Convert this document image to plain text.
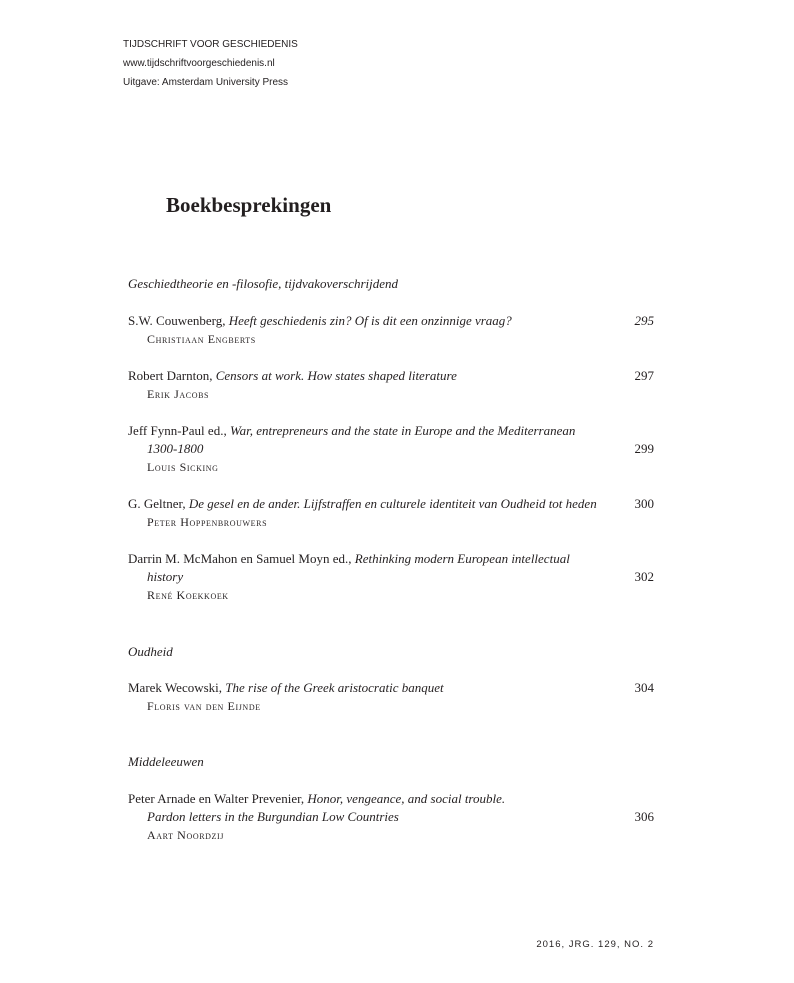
TIJDSCHRIFT VOOR GESCHIEDENIS
www.tijdschriftvoorgeschiedenis.nl
Uitgave: Amsterdam University Press
Boekbesprekingen
Geschiedtheorie en -filosofie, tijdvakoverschrijdend
S.W. Couwenberg, Heeft geschiedenis zin? Of is dit een onzinnige vraag?	295
Christiaan Engberts
Robert Darnton, Censors at work. How states shaped literature	297
Erik Jacobs
Jeff Fynn-Paul ed., War, entrepreneurs and the state in Europe and the Mediterranean
1300-1800	299
Louis Sicking
G. Geltner, De gesel en de ander. Lijfstraffen en culturele identiteit van Oudheid tot heden	300
Peter Hoppenbrouwers
Darrin M. McMahon en Samuel Moyn ed., Rethinking modern European intellectual
history	302
René Koekkoek
Oudheid
Marek Wecowski, The rise of the Greek aristocratic banquet	304
Floris van den Eijnde
Middeleeuwen
Peter Arnade en Walter Prevenier, Honor, vengeance, and social trouble.
Pardon letters in the Burgundian Low Countries	306
Aart Noordzij
2016, JRG. 129, NO. 2
